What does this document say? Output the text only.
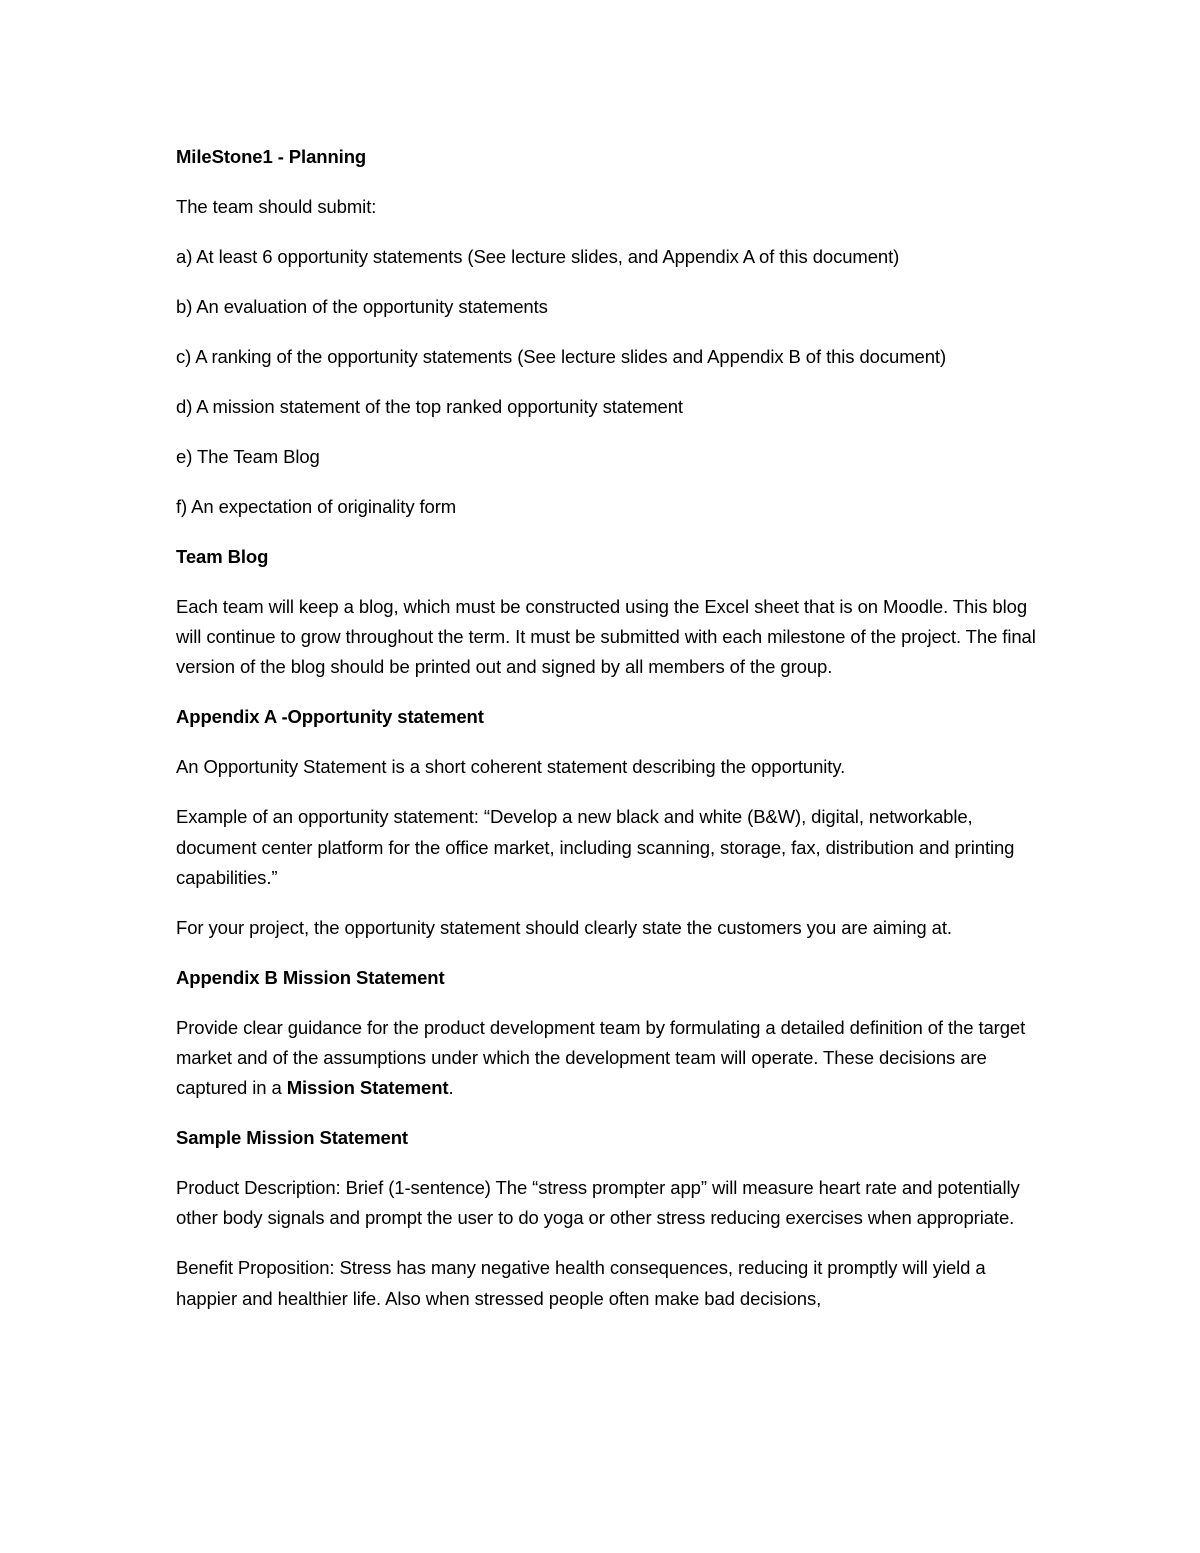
MileStone1 - Planning

The team should submit:

a) At least 6 opportunity statements (See lecture slides, and Appendix A of this document)

b) An evaluation of the opportunity statements

c) A ranking of the opportunity statements (See lecture slides and Appendix B of this document)

d) A mission statement of the top ranked opportunity statement

e) The Team Blog

f) An expectation of originality form

Team Blog

Each team will keep a blog, which must be constructed using the Excel sheet that is on Moodle. This blog will continue to grow throughout the term. It must be submitted with each milestone of the project. The final version of the blog should be printed out and signed by all members of the group.

Appendix A -Opportunity statement

An Opportunity Statement is a short coherent statement describing the opportunity.

Example of an opportunity statement: “Develop a new black and white (B&W), digital, networkable, document center platform for the office market, including scanning, storage, fax, distribution and printing capabilities.”

For your project, the opportunity statement should clearly state the customers you are aiming at.

Appendix B Mission Statement

Provide clear guidance for the product development team by formulating a detailed definition of the target market and of the assumptions under which the development team will operate. These decisions are captured in a Mission Statement.

Sample Mission Statement

Product Description: Brief (1-sentence) The “stress prompter app” will measure heart rate and potentially other body signals and prompt the user to do yoga or other stress reducing exercises when appropriate.

Benefit Proposition: Stress has many negative health consequences, reducing it promptly will yield a happier and healthier life. Also when stressed people often make bad decisions,
